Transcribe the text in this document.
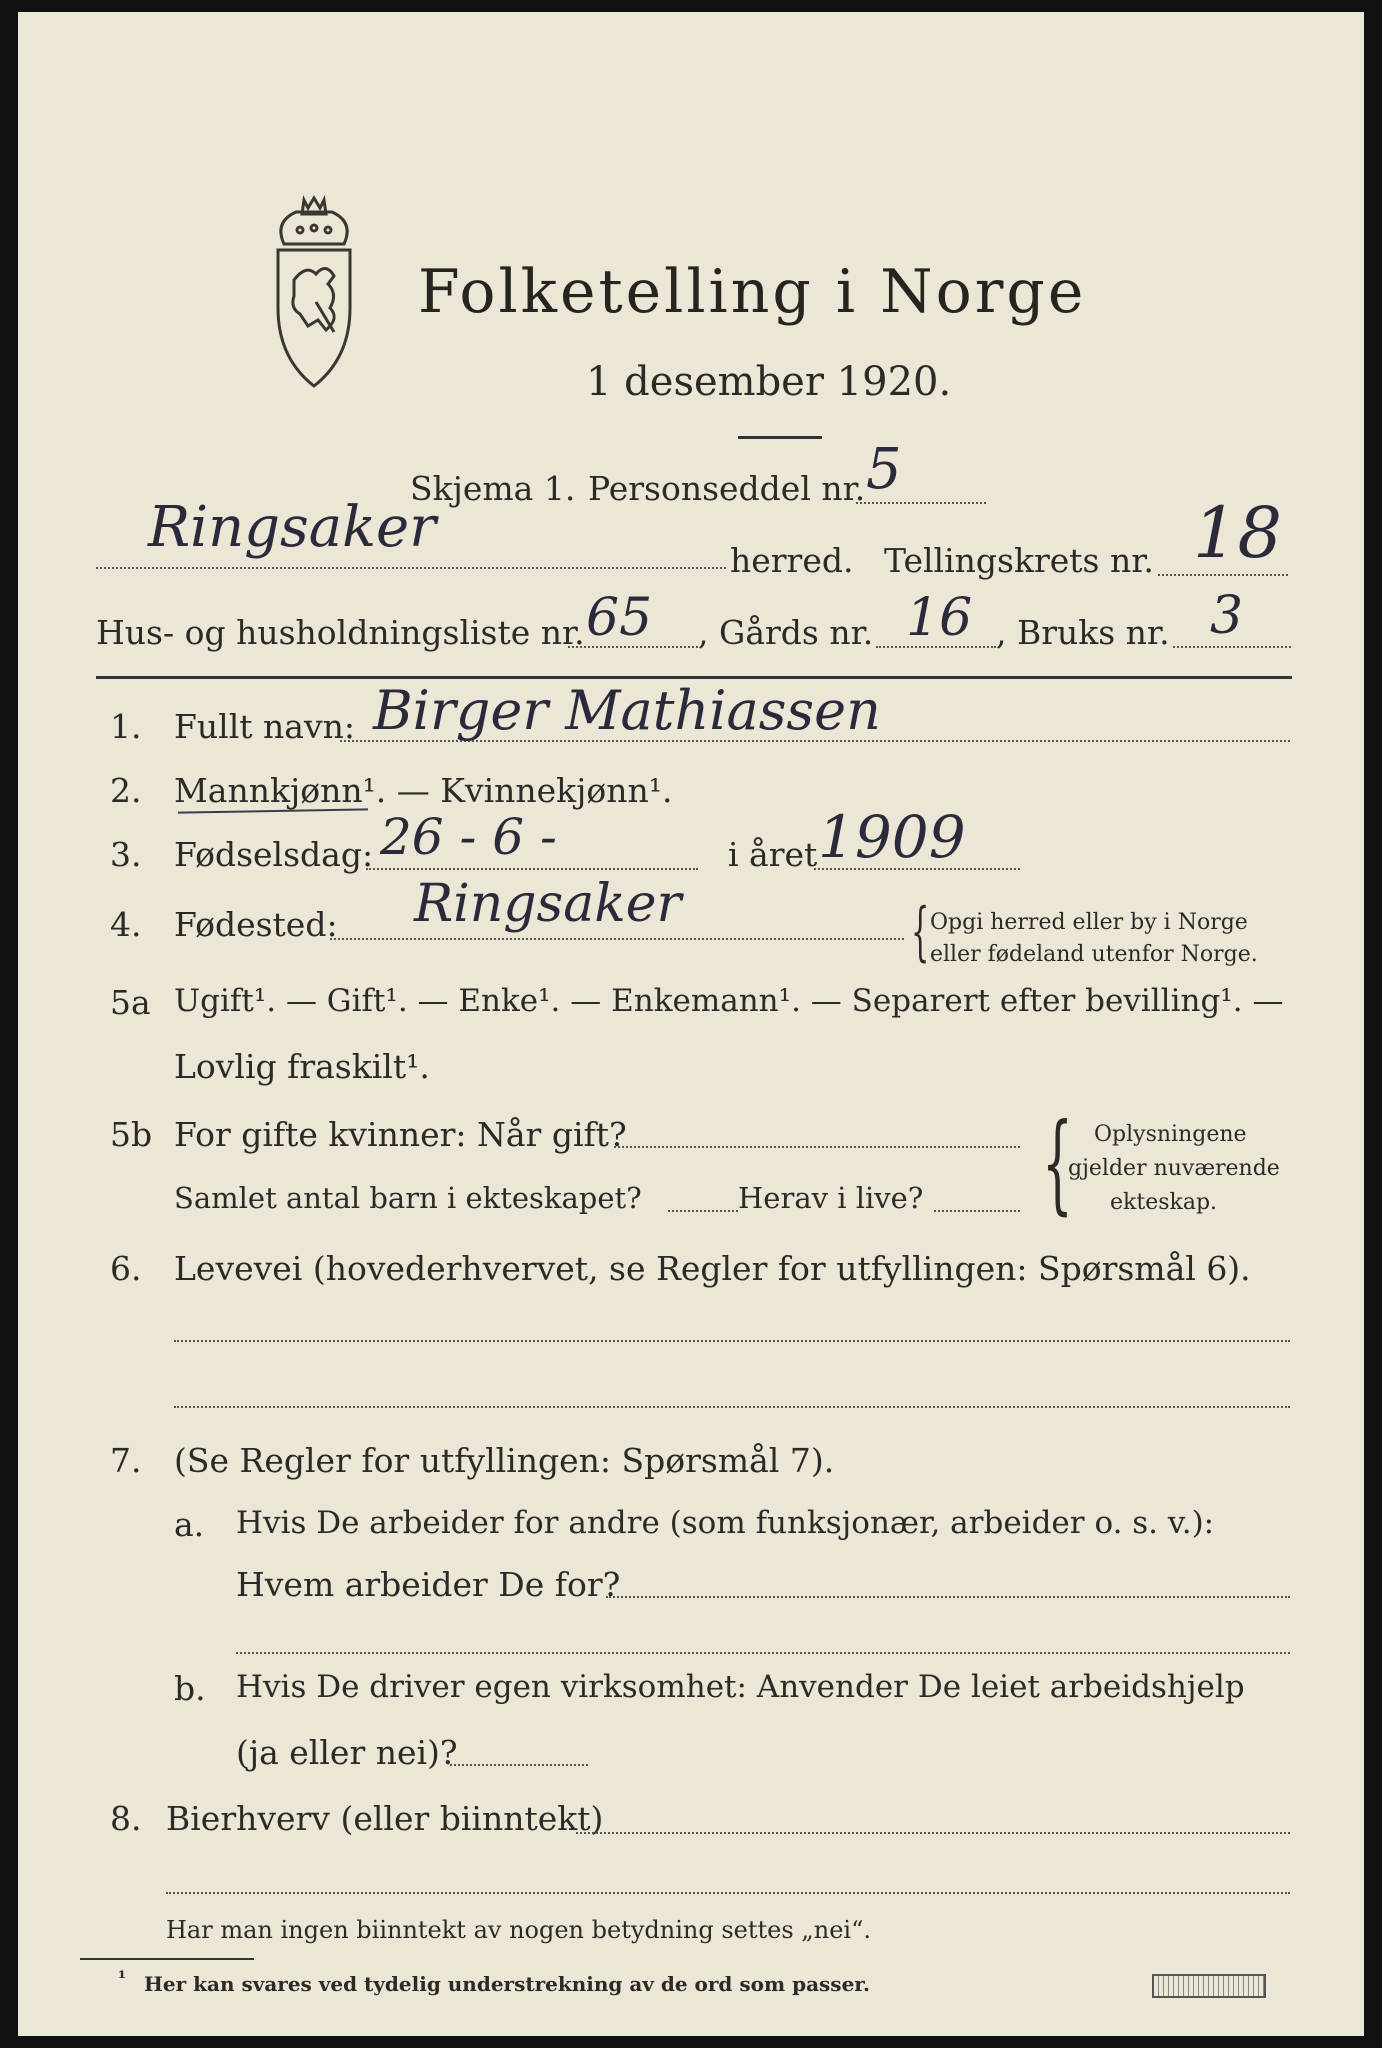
Folketelling i Norge
1 desember 1920.
Skjema 1. Personseddel nr. 5
Ringsaker
herred. Tellingskrets nr. 18
Hus- og husholdningsliste nr. 65 , Gårds nr. 16 , Bruks nr. 3
1. Fullt navn: Birger Mathiassen
2. Mannkjønn¹. — Kvinnekjønn¹.
3. Fødselsdag: 26 - 6 -	i året 1909
4. Fødested: Ringsaker	{ Opgi herred eller by i Norge
eller fødeland utenfor Norge.
5a Ugift¹. — Gift¹. — Enke¹. — Enkemann¹. — Separert efter bevilling¹. —
Lovlig fraskilt¹.
5b For gifte kvinner: Når gift?
Samlet antal barn i ekteskapet?	Herav i live? { Oplysningene
gjelder nuværende
ekteskap.
6. Levevei (hovederhvervet, se Regler for utfyllingen: Spørsmål 6).
7. (Se Regler for utfyllingen: Spørsmål 7).
a. Hvis De arbeider for andre (som funksjonær, arbeider o. s. v.):
Hvem arbeider De for?
b. Hvis De driver egen virksomhet: Anvender De leiet arbeidshjelp
(ja eller nei)?
8. Bierhverv (eller biinntekt)
Har man ingen biinntekt av nogen betydning settes „nei“.
¹ Her kan svares ved tydelig understrekning av de ord som passer.
